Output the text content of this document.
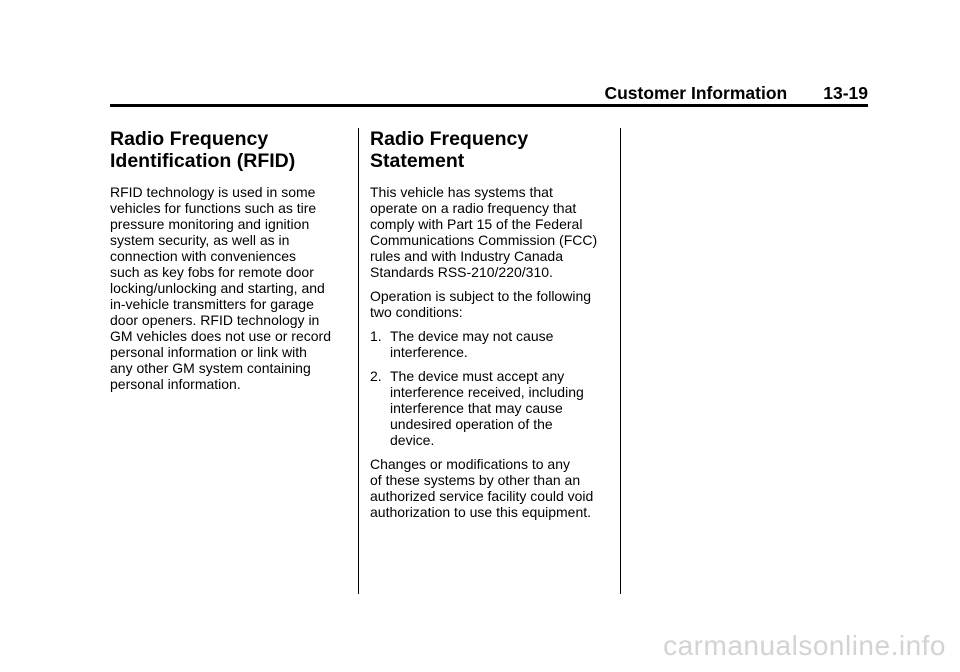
Customer Information 13-19
Radio Frequency
Identification (RFID)

RFID technology is used in some
vehicles for functions such as tire
pressure monitoring and ignition
system security, as well as in
connection with conveniences
such as key fobs for remote door
locking/unlocking and starting, and
in-vehicle transmitters for garage
door openers. RFID technology in
GM vehicles does not use or record
personal information or link with
any other GM system containing
personal information.

Radio Frequency
Statement

This vehicle has systems that
operate on a radio frequency that
comply with Part 15 of the Federal
Communications Commission (FCC)
rules and with Industry Canada
Standards RSS-210/220/310.

Operation is subject to the following
two conditions:

1. The device may not cause
interference.
2. The device must accept any
interference received, including
interference that may cause
undesired operation of the
device.

Changes or modifications to any
of these systems by other than an
authorized service facility could void
authorization to use this equipment.

carmanualsonline.info
